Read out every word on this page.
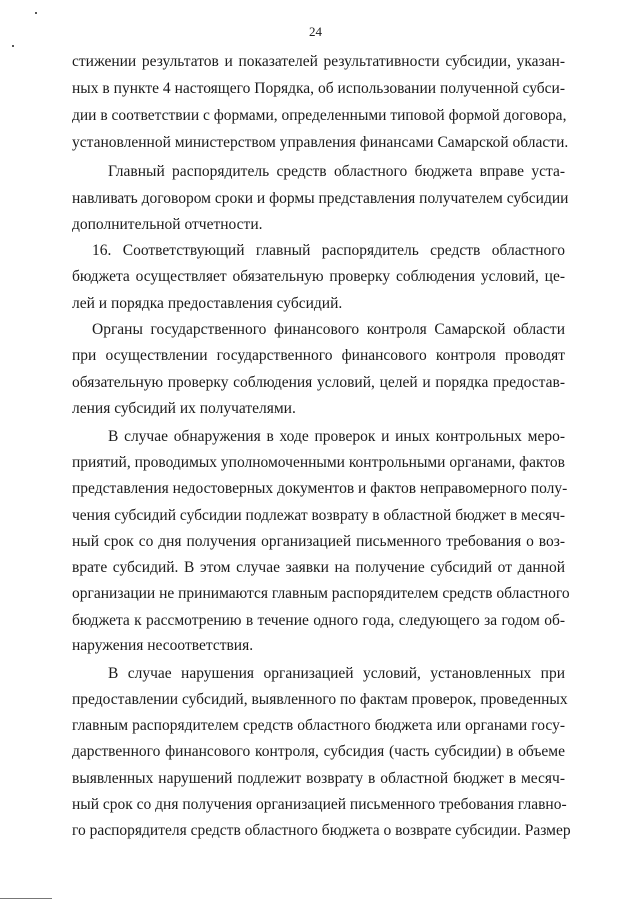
24
стижении результатов и показателей результативности субсидии, указан-
ных в пункте 4 настоящего Порядка, об использовании полученной субси-
дии в соответствии с формами, определенными типовой формой договора,
установленной министерством управления финансами Самарской области.
Главный распорядитель средств областного бюджета вправе уста-
навливать договором сроки и формы представления получателем субсидии
дополнительной отчетности.
16. Соответствующий главный распорядитель средств областного
бюджета осуществляет обязательную проверку соблюдения условий, це-
лей и порядка предоставления субсидий.
Органы государственного финансового контроля Самарской области
при осуществлении государственного финансового контроля проводят
обязательную проверку соблюдения условий, целей и порядка предостав-
ления субсидий их получателями.
В случае обнаружения в ходе проверок и иных контрольных меро-
приятий, проводимых уполномоченными контрольными органами, фактов
представления недостоверных документов и фактов неправомерного полу-
чения субсидий субсидии подлежат возврату в областной бюджет в месяч-
ный срок со дня получения организацией письменного требования о воз-
врате субсидий. В этом случае заявки на получение субсидий от данной
организации не принимаются главным распорядителем средств областного
бюджета к рассмотрению в течение одного года, следующего за годом об-
наружения несоответствия.
В случае нарушения организацией условий, установленных при
предоставлении субсидий, выявленного по фактам проверок, проведенных
главным распорядителем средств областного бюджета или органами госу-
дарственного финансового контроля, субсидия (часть субсидии) в объеме
выявленных нарушений подлежит возврату в областной бюджет в месяч-
ный срок со дня получения организацией письменного требования главно-
го распорядителя средств областного бюджета о возврате субсидии. Размер
